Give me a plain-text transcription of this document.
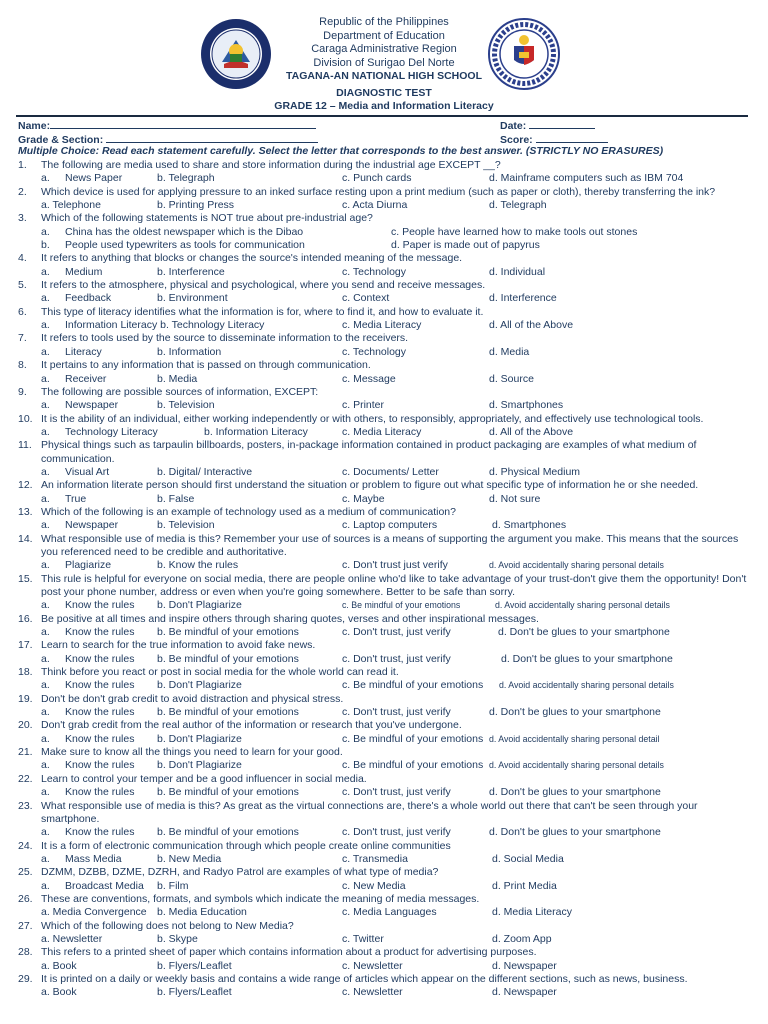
Republic of the Philippines
Department of Education
Caraga Administrative Region
Division of Surigao Del Norte
TAGANA-AN NATIONAL HIGH SCHOOL
DIAGNOSTIC TEST
GRADE 12 – Media and Information Literacy
Name:	Date:
Grade & Section:	Score:
Multiple Choice: Read each statement carefully. Select the letter that corresponds to the best answer. (STRICTLY NO ERASURES)
1. The following are media used to share and store information during the industrial age EXCEPT __?
a. News Paper	b. Telegraph	c. Punch cards	d. Mainframe computers such as IBM 704
2. Which device is used for applying pressure to an inked surface resting upon a print medium (such as paper or cloth), thereby transferring the ink?
a. Telephone	b. Printing Press	c. Acta Diurna	d. Telegraph
3. Which of the following statements is NOT true about pre-industrial age?
a. China has the oldest newspaper which is the Dibao	c. People have learned how to make tools out stones
b. People used typewriters as tools for communication	d. Paper is made out of papyrus
4. It refers to anything that blocks or changes the source's intended meaning of the message.
a. Medium	b. Interference	c. Technology	d. Individual
5. It refers to the atmosphere, physical and psychological, where you send and receive messages.
a. Feedback	b. Environment	c. Context	d. Interference
6. This type of literacy identifies what the information is for, where to find it, and how to evaluate it.
a. Information Literacy b. Technology Literacy	c. Media Literacy	d. All of the Above
7. It refers to tools used by the source to disseminate information to the receivers.
a. Literacy	b. Information	c. Technology	d. Media
8. It pertains to any information that is passed on through communication.
a. Receiver	b. Media	c. Message	d. Source
9. The following are possible sources of information, EXCEPT:
a. Newspaper	b. Television	c. Printer	d. Smartphones
10. It is the ability of an individual, either working independently or with others, to responsibly, appropriately, and effectively use technological tools.
a. Technology Literacy	b. Information Literacy	c. Media Literacy	d. All of the Above
11. Physical things such as tarpaulin billboards, posters, in-package information contained in product packaging are examples of what medium of communication.
a. Visual Art	b. Digital/ Interactive	c. Documents/ Letter	d. Physical Medium
12. An information literate person should first understand the situation or problem to figure out what specific type of information he or she needed.
a. True	b. False	c. Maybe	d. Not sure
13. Which of the following is an example of technology used as a medium of communication?
a. Newspaper	b. Television	c. Laptop computers	d. Smartphones
14. What responsible use of media is this? Remember your use of sources is a means of supporting the argument you make. This means that the sources you referenced need to be credible and authoritative.
a. Plagiarize	b. Know the rules	c. Don't trust just verify	d. Avoid accidentally sharing personal details
15. This rule is helpful for everyone on social media, there are people online who'd like to take advantage of your trust-don't give them the opportunity! Don't post your phone number, address or even when you're going somewhere. Better to be safe than sorry.
a. Know the rules b. Don't Plagiarize	c. Be mindful of your emotions	d. Avoid accidentally sharing personal details
16. Be positive at all times and inspire others through sharing quotes, verses and other inspirational messages.
a. Know the rules b. Be mindful of your emotions	c. Don't trust, just verify	d. Don't be glues to your smartphone
17. Learn to search for the true information to avoid fake news.
a. Know the rules b. Be mindful of your emotions	c. Don't trust, just verify	d. Don't be glues to your smartphone
18. Think before you react or post in social media for the whole world can read it.
a. Know the rules b. Don't Plagiarize	c. Be mindful of your emotions d. Avoid accidentally sharing personal details
19. Don't be don't grab credit to avoid distraction and physical stress.
a. Know the rules b. Be mindful of your emotions	c. Don't trust, just verify	d. Don't be glues to your smartphone
20. Don't grab credit from the real author of the information or research that you've undergone.
a. Know the rules b. Don't Plagiarize	c. Be mindful of your emotions d. Avoid accidentally sharing personal detail
21. Make sure to know all the things you need to learn for your good.
a. Know the rules b. Don't Plagiarize	c. Be mindful of your emotions d. Avoid accidentally sharing personal details
22. Learn to control your temper and be a good influencer in social media.
a. Know the rules b. Be mindful of your emotions	c. Don't trust, just verify	d. Don't be glues to your smartphone
23. What responsible use of media is this? As great as the virtual connections are, there's a whole world out there that can't be seen through your smartphone.
a. Know the rules b. Be mindful of your emotions	c. Don't trust, just verify	d. Don't be glues to your smartphone
24. It is a form of electronic communication through which people create online communities
a. Mass Media	b. New Media	c. Transmedia	d. Social Media
25. DZMM, DZBB, DZME, DZRH, and Radyo Patrol are examples of what type of media?
a. Broadcast Media b. Film	c. New Media	d. Print Media
26. These are conventions, formats, and symbols which indicate the meaning of media messages.
a. Media Convergence b. Media Education	c. Media Languages	d. Media Literacy
27. Which of the following does not belong to New Media?
a. Newsletter	b. Skype	c. Twitter	d. Zoom App
28. This refers to a printed sheet of paper which contains information about a product for advertising purposes.
a. Book	b. Flyers/Leaflet	c. Newsletter	d. Newspaper
29. It is printed on a daily or weekly basis and contains a wide range of articles which appear on the different sections, such as news, business.
a. Book	b. Flyers/Leaflet	c. Newsletter	d. Newspaper
